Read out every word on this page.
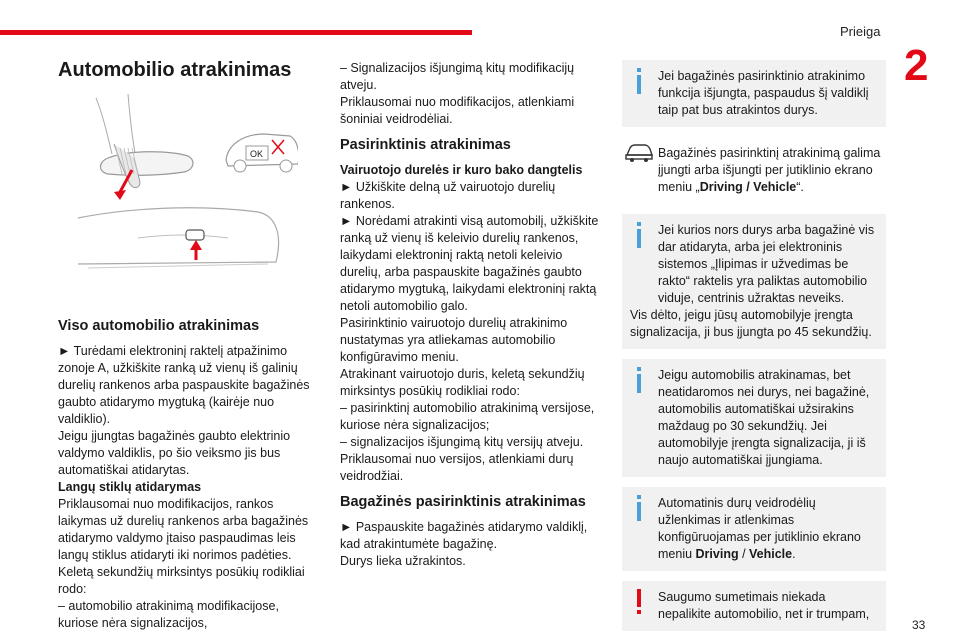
Prieiga
2
33
Automobilio atrakinimas
OK
Viso automobilio atrakinimas

► Turėdami elektroninį raktelį atpažinimo zonoje A, užkiškite ranką už vienų iš galinių durelių rankenos arba paspauskite bagažinės gaubto atidarymo mygtuką (kairėje nuo valdiklio).

Jeigu įjungtas bagažinės gaubto elektrinio valdymo valdiklis, po šio veiksmo jis bus automatiškai atidarytas.

Langų stiklų atidarymas

Priklausomai nuo modifikacijos, rankos laikymas už durelių rankenos arba bagažinės atidarymo valdymo įtaiso paspaudimas leis langų stiklus atidaryti iki norimos padėties.

Keletą sekundžių mirksintys posūkių rodikliai rodo:

– automobilio atrakinimą modifikacijose, kuriose nėra signalizacijos,

– Signalizacijos išjungimą kitų modifikacijų atveju.

Priklausomai nuo modifikacijos, atlenkiami šoniniai veidrodėliai.

Pasirinktinis atrakinimas

Vairuotojo durelės ir kuro bako dangtelis

► Užkiškite delną už vairuotojo durelių rankenos.

► Norėdami atrakinti visą automobilį, užkiškite ranką už vienų iš keleivio durelių rankenos, laikydami elektroninį raktą netoli keleivio durelių, arba paspauskite bagažinės gaubto atidarymo mygtuką, laikydami elektroninį raktą netoli automobilio galo.

Pasirinktinio vairuotojo durelių atrakinimo nustatymas yra atliekamas automobilio konfigūravimo meniu.

Atrakinant vairuotojo duris, keletą sekundžių mirksintys posūkių rodikliai rodo:

– pasirinktinį automobilio atrakinimą versijose, kuriose nėra signalizacijos;

– signalizacijos išjungimą kitų versijų atveju.

Priklausomai nuo versijos, atlenkiami durų veidrodžiai.

Bagažinės pasirinktinis atrakinimas

► Paspauskite bagažinės atidarymo valdiklį, kad atrakintumėte bagažinę.

Durys lieka užrakintos.

Jei bagažinės pasirinktinio atrakinimo funkcija išjungta, paspaudus šį valdiklį taip pat bus atrakintos durys.

Bagažinės pasirinktinį atrakinimą galima įjungti arba išjungti per jutiklinio ekrano meniu „Driving / Vehicle“.

Jei kurios nors durys arba bagažinė vis dar atidaryta, arba jei elektroninis sistemos „Įlipimas ir užvedimas be rakto“ raktelis yra paliktas automobilio viduje, centrinis užraktas neveiks.

Vis dėlto, jeigu jūsų automobilyje įrengta signalizacija, ji bus įjungta po 45 sekundžių.

Jeigu automobilis atrakinamas, bet neatidaromos nei durys, nei bagažinė, automobilis automatiškai užsirakins maždaug po 30 sekundžių. Jei automobilyje įrengta signalizacija, ji iš naujo automatiškai įjungiama.

Automatinis durų veidrodėlių užlenkimas ir atlenkimas konfigūruojamas per jutiklinio ekrano meniu Driving / Vehicle.

Saugumo sumetimais niekada nepalikite automobilio, net ir trumpam,
